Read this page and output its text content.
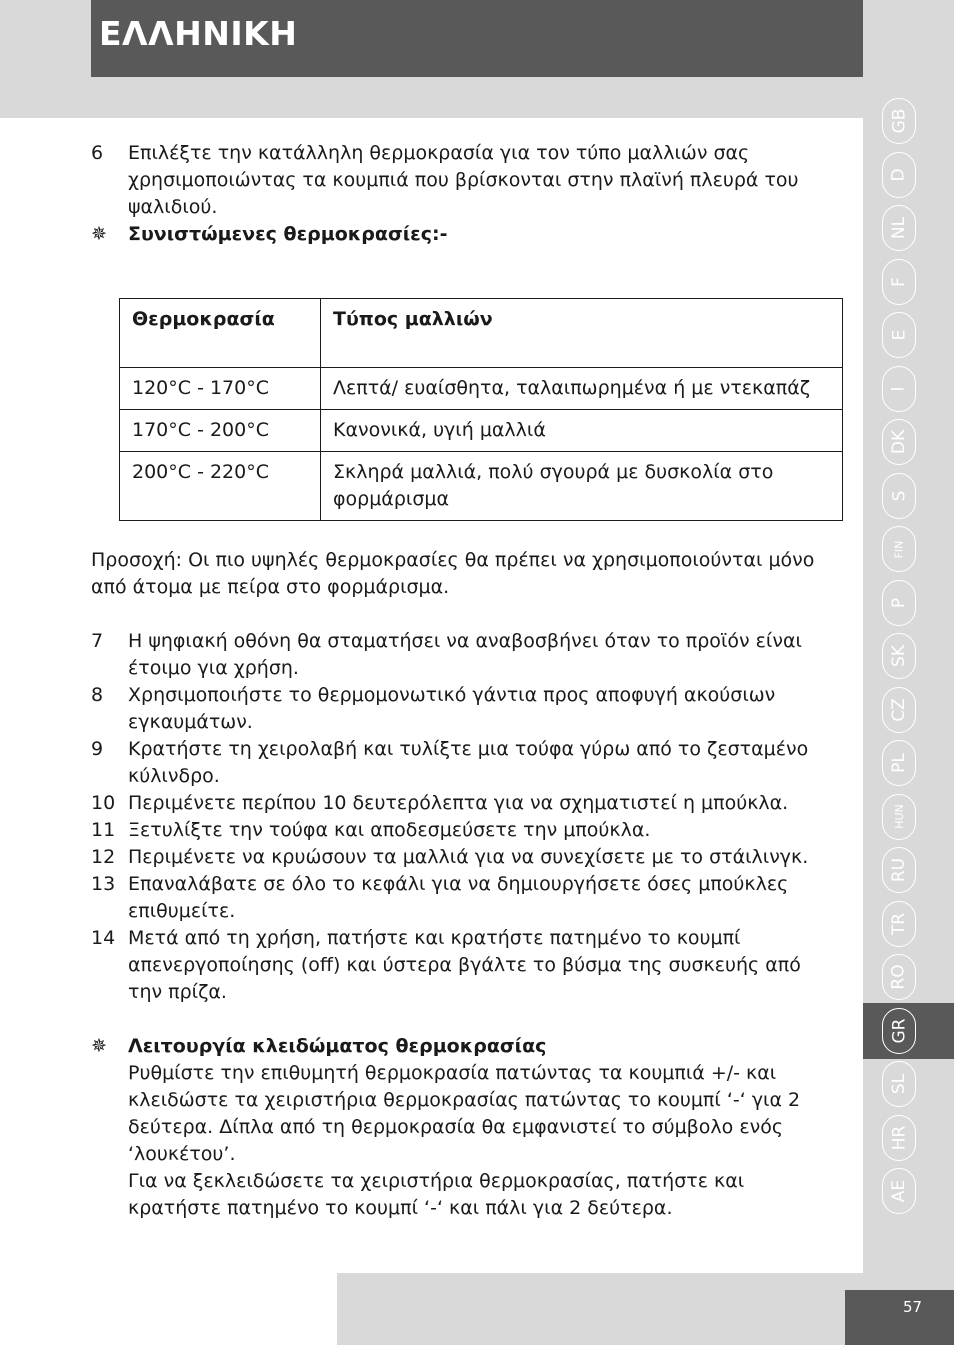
ΕΛΛΗΝΙΚΗ
57
GB
D
NL
F
E
I
DK
S
FIN
P
SK
CZ
PL
HUN
RU
TR
RO
GR
SL
HR
AE
6 Επιλέξτε την κατάλληλη θερμοκρασία για τον τύπο μαλλιών σας χρησιμοποιώντας τα κουμπιά που βρίσκονται στην πλαϊνή πλευρά του ψαλιδιού.
✵ Συνιστώμενες θερμοκρασίες:-
Θερμοκρασία	Τύπος μαλλιών
120°C - 170°C	Λεπτά/ ευαίσθητα, ταλαιπωρημένα ή με ντεκαπάζ
170°C - 200°C	Κανονικά, υγιή μαλλιά
200°C - 220°C	Σκληρά μαλλιά, πολύ σγουρά με δυσκολία στο φορμάρισμα
Προσοχή: Οι πιο υψηλές θερμοκρασίες θα πρέπει να χρησιμοποιούνται μόνο από άτομα με πείρα στο φορμάρισμα.
7 Η ψηφιακή οθόνη θα σταματήσει να αναβοσβήνει όταν το προϊόν είναι έτοιμο για χρήση.
8 Χρησιμοποιήστε το θερμομονωτικό γάντια προς αποφυγή ακούσιων εγκαυμάτων.
9 Κρατήστε τη χειρολαβή και τυλίξτε μια τούφα γύρω από το ζεσταμένο κύλινδρο.
10 Περιμένετε περίπου 10 δευτερόλεπτα για να σχηματιστεί η μπούκλα.
11 Ξετυλίξτε την τούφα και αποδεσμεύσετε την μπούκλα.
12 Περιμένετε να κρυώσουν τα μαλλιά για να συνεχίσετε με το στάιλινγκ.
13 Επαναλάβατε σε όλο το κεφάλι για να δημιουργήσετε όσες μπούκλες επιθυμείτε.
14 Μετά από τη χρήση, πατήστε και κρατήστε πατημένο το κουμπί απενεργοποίησης (off) και ύστερα βγάλτε το βύσμα της συσκευής από την πρίζα.
✵ Λειτουργία κλειδώματος θερμοκρασίας
Ρυθμίστε την επιθυμητή θερμοκρασία πατώντας τα κουμπιά +/- και κλειδώστε τα χειριστήρια θερμοκρασίας πατώντας το κουμπί ‘-‘ για 2 δεύτερα. Δίπλα από τη θερμοκρασία θα εμφανιστεί το σύμβολο ενός ‘λουκέτου’.
Για να ξεκλειδώσετε τα χειριστήρια θερμοκρασίας, πατήστε και κρατήστε πατημένο το κουμπί ‘-‘ και πάλι για 2 δεύτερα.
